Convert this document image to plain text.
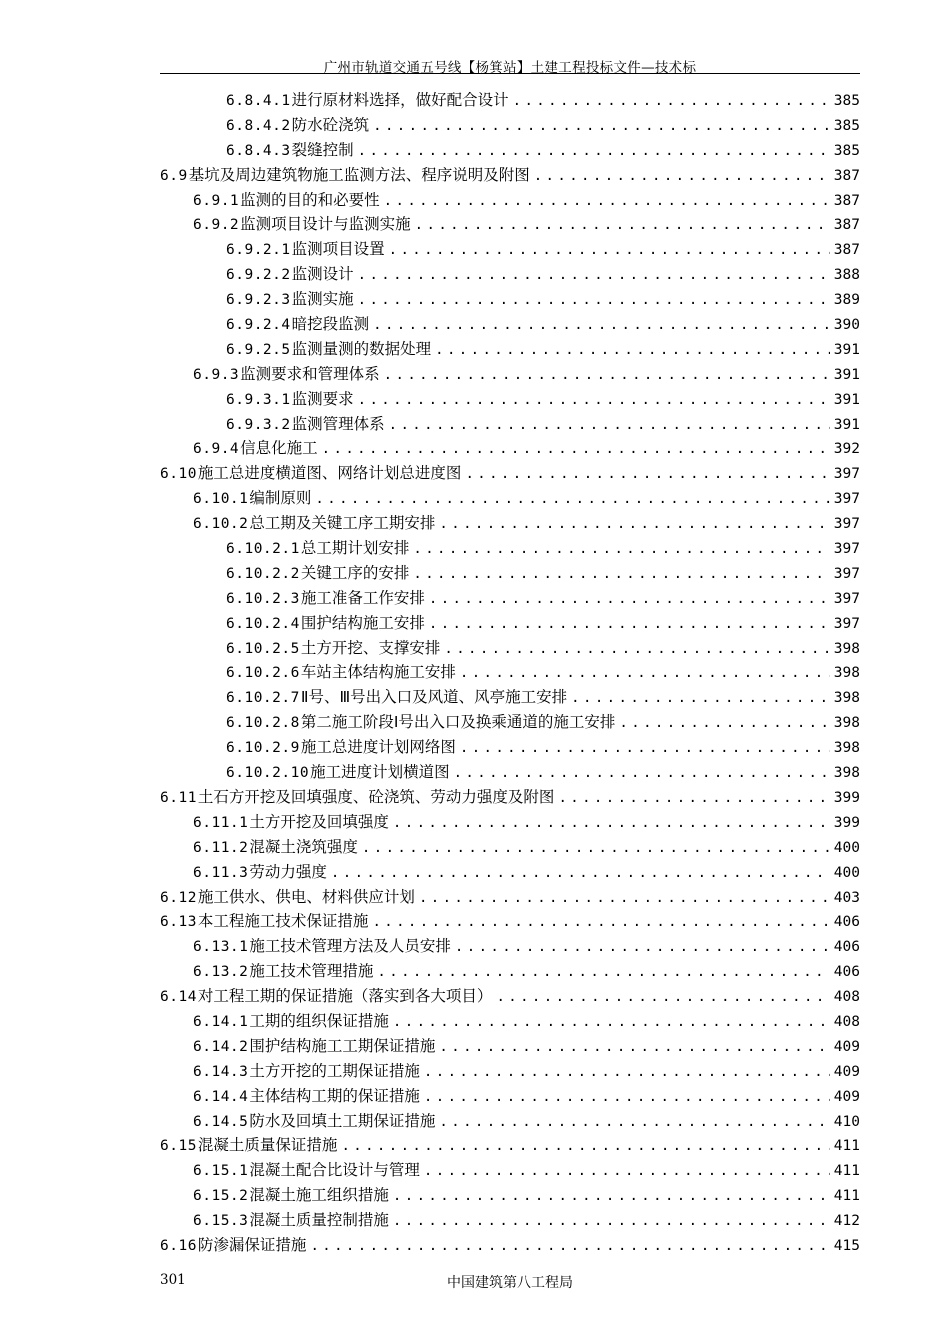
广州市轨道交通五号线【杨箕站】土建工程投标文件—技术标
6.8.4.1 进行原材料选择，做好配合设计 .....	385
6.8.4.2 防水砼浇筑 .....	385
6.8.4.3 裂缝控制 .....	385
6.9 基坑及周边建筑物施工监测方法、程序说明及附图 .....	387
6.9.1 监测的目的和必要性 .....	387
6.9.2 监测项目设计与监测实施 .....	387
6.9.2.1 监测项目设置 .....	387
6.9.2.2 监测设计 .....	388
6.9.2.3 监测实施 .....	389
6.9.2.4 暗挖段监测 .....	390
6.9.2.5 监测量测的数据处理 .....	391
6.9.3 监测要求和管理体系 .....	391
6.9.3.1 监测要求 .....	391
6.9.3.2 监测管理体系 .....	391
6.9.4 信息化施工 .....	392
6.10 施工总进度横道图、网络计划总进度图 .....	397
6.10.1 编制原则 .....	397
6.10.2 总工期及关键工序工期安排 .....	397
6.10.2.1 总工期计划安排 .....	397
6.10.2.2 关键工序的安排 .....	397
6.10.2.3 施工准备工作安排 .....	397
6.10.2.4 围护结构施工安排 .....	397
6.10.2.5 土方开挖、支撑安排 .....	398
6.10.2.6 车站主体结构施工安排 .....	398
6.10.2.7 Ⅱ号、Ⅲ号出入口及风道、风亭施工安排 .....	398
6.10.2.8 第二施工阶段Ⅰ号出入口及换乘通道的施工安排 .....	398
6.10.2.9 施工总进度计划网络图 .....	398
6.10.2.10 施工进度计划横道图 .....	398
6.11 土石方开挖及回填强度、砼浇筑、劳动力强度及附图 .....	399
6.11.1 土方开挖及回填强度 .....	399
6.11.2 混凝土浇筑强度 .....	400
6.11.3 劳动力强度 .....	400
6.12 施工供水、供电、材料供应计划 .....	403
6.13 本工程施工技术保证措施 .....	406
6.13.1 施工技术管理方法及人员安排 .....	406
6.13.2 施工技术管理措施 .....	406
6.14 对工程工期的保证措施（落实到各大项目） .....	408
6.14.1 工期的组织保证措施 .....	408
6.14.2 围护结构施工工期保证措施 .....	409
6.14.3 土方开挖的工期保证措施 .....	409
6.14.4 主体结构工期的保证措施 .....	409
6.14.5 防水及回填土工期保证措施 .....	410
6.15 混凝土质量保证措施 .....	411
6.15.1 混凝土配合比设计与管理 .....	411
6.15.2 混凝土施工组织措施 .....	411
6.15.3 混凝土质量控制措施 .....	412
6.16 防渗漏保证措施 .....	415
301	中国建筑第八工程局
